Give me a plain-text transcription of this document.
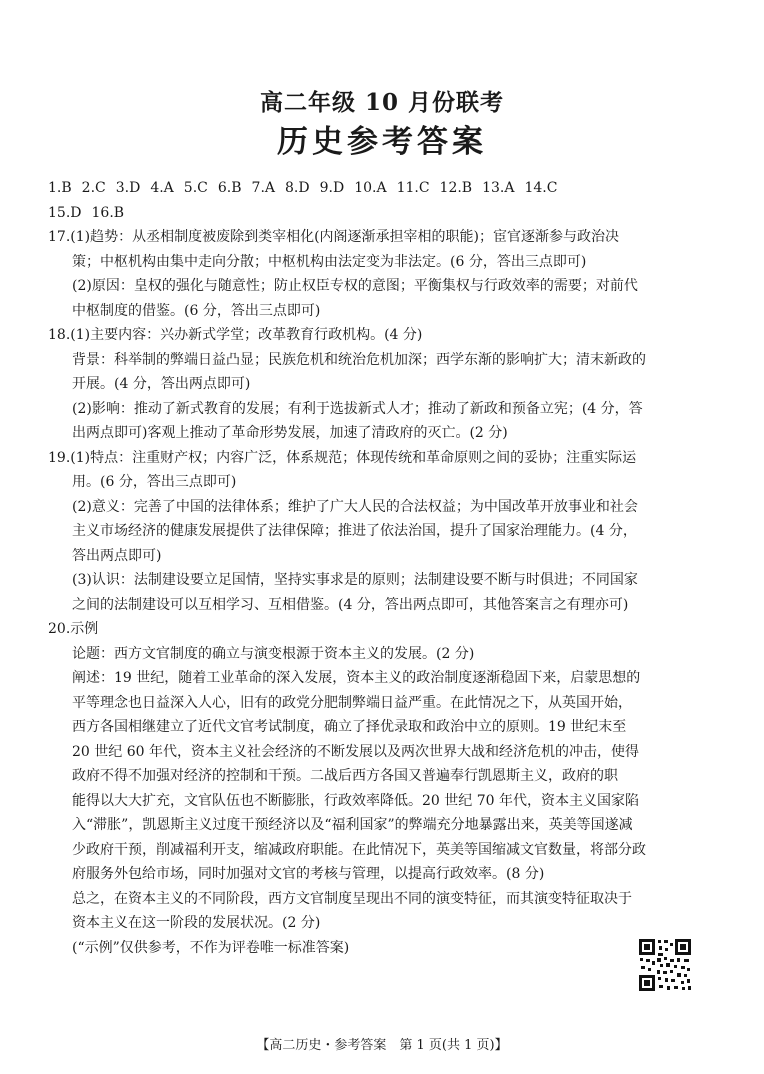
高二年级 10 月份联考
历史参考答案

1.B 2.C 3.D 4.A 5.C 6.B 7.A 8.D 9.D 10.A 11.C 12.B 13.A 14.C

15.D 16.B

17.(1)趋势：从丞相制度被废除到类宰相化(内阁逐渐承担宰相的职能)；宦官逐渐参与政治决

策；中枢机构由集中走向分散；中枢机构由法定变为非法定。(6 分，答出三点即可)

(2)原因：皇权的强化与随意性；防止权臣专权的意图；平衡集权与行政效率的需要；对前代

中枢制度的借鉴。(6 分，答出三点即可)

18.(1)主要内容：兴办新式学堂；改革教育行政机构。(4 分)

背景：科举制的弊端日益凸显；民族危机和统治危机加深；西学东渐的影响扩大；清末新政的

开展。(4 分，答出两点即可)

(2)影响：推动了新式教育的发展；有利于选拔新式人才；推动了新政和预备立宪；(4 分，答

出两点即可)客观上推动了革命形势发展，加速了清政府的灭亡。(2 分)

19.(1)特点：注重财产权；内容广泛，体系规范；体现传统和革命原则之间的妥协；注重实际运

用。(6 分，答出三点即可)

(2)意义：完善了中国的法律体系；维护了广大人民的合法权益；为中国改革开放事业和社会

主义市场经济的健康发展提供了法律保障；推进了依法治国，提升了国家治理能力。(4 分，

答出两点即可)

(3)认识：法制建设要立足国情，坚持实事求是的原则；法制建设要不断与时俱进；不同国家

之间的法制建设可以互相学习、互相借鉴。(4 分，答出两点即可，其他答案言之有理亦可)

20.示例

论题：西方文官制度的确立与演变根源于资本主义的发展。(2 分)

阐述：19 世纪，随着工业革命的深入发展，资本主义的政治制度逐渐稳固下来，启蒙思想的

平等理念也日益深入人心，旧有的政党分肥制弊端日益严重。在此情况之下，从英国开始，

西方各国相继建立了近代文官考试制度，确立了择优录取和政治中立的原则。19 世纪末至

20 世纪 60 年代，资本主义社会经济的不断发展以及两次世界大战和经济危机的冲击，使得

政府不得不加强对经济的控制和干预。二战后西方各国又普遍奉行凯恩斯主义，政府的职

能得以大大扩充，文官队伍也不断膨胀，行政效率降低。20 世纪 70 年代，资本主义国家陷

入“滞胀”，凯恩斯主义过度干预经济以及“福利国家”的弊端充分地暴露出来，英美等国遂减

少政府干预，削减福利开支，缩减政府职能。在此情况下，英美等国缩减文官数量，将部分政

府服务外包给市场，同时加强对文官的考核与管理，以提高行政效率。(8 分)

总之，在资本主义的不同阶段，西方文官制度呈现出不同的演变特征，而其演变特征取决于

资本主义在这一阶段的发展状况。(2 分)

(“示例”仅供参考，不作为评卷唯一标准答案)

【高二历史・参考答案　第 1 页(共 1 页)】
